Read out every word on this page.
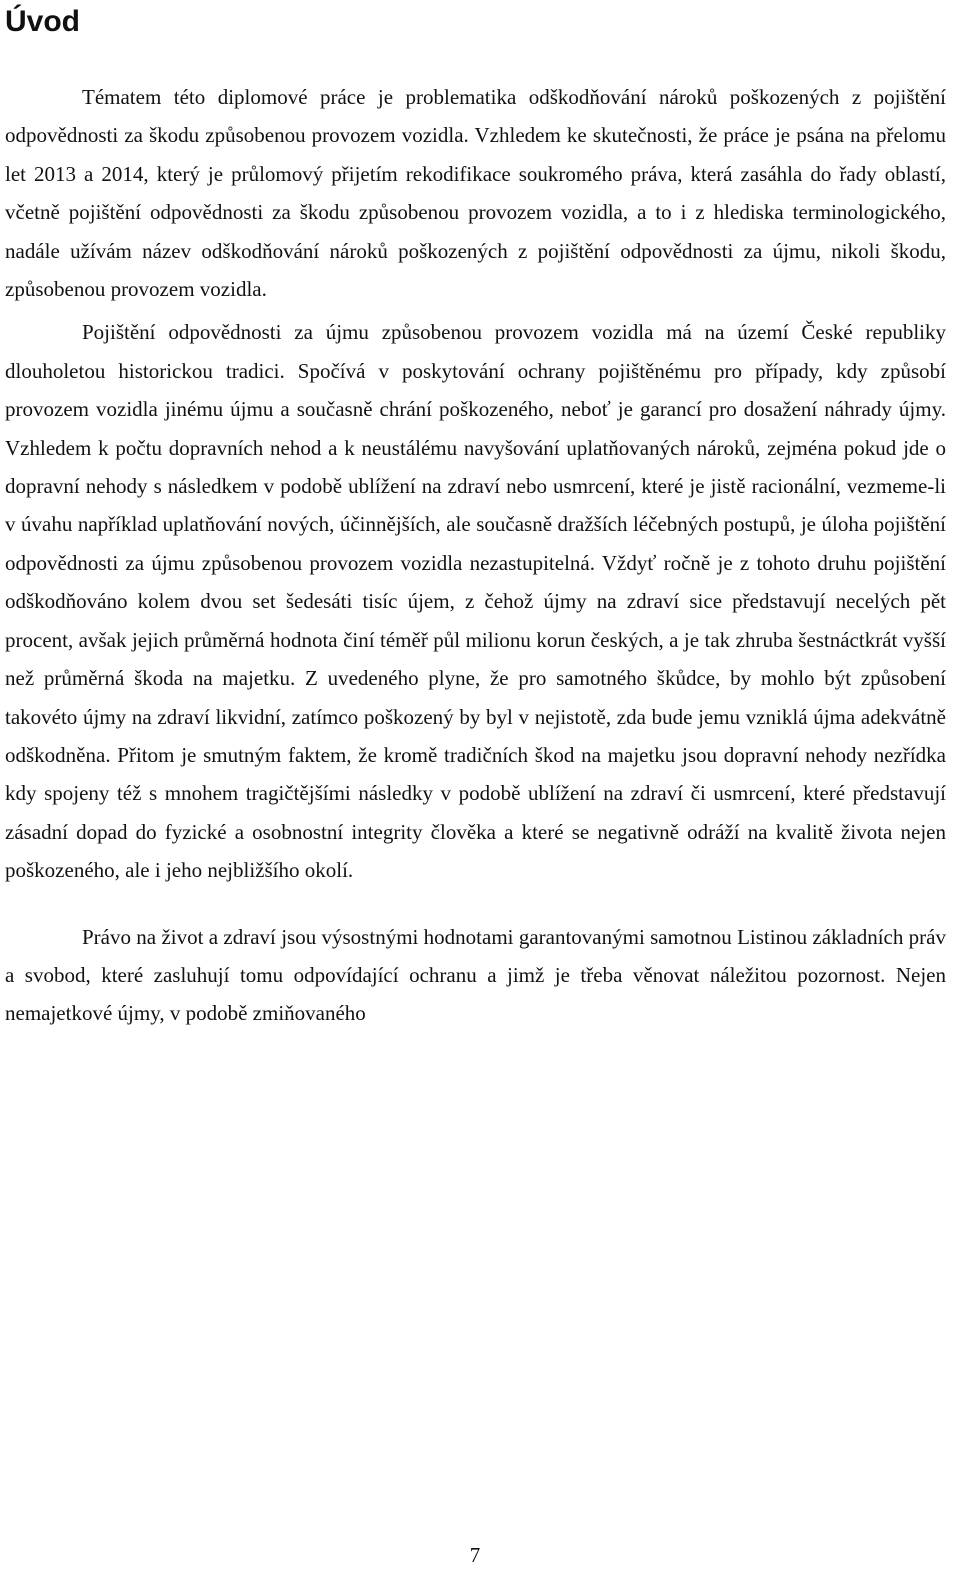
Úvod

Tématem této diplomové práce je problematika odškodňování nároků poškozených z pojištění odpovědnosti za škodu způsobenou provozem vozidla. Vzhledem ke skutečnosti, že práce je psána na přelomu let 2013 a 2014, který je průlomový přijetím rekodifikace soukromého práva, která zasáhla do řady oblastí, včetně pojištění odpovědnosti za škodu způsobenou provozem vozidla, a to i z hlediska terminologického, nadále užívám název odškodňování nároků poškozených z pojištění odpovědnosti za újmu, nikoli škodu, způsobenou provozem vozidla.

Pojištění odpovědnosti za újmu způsobenou provozem vozidla má na území České republiky dlouholetou historickou tradici. Spočívá v poskytování ochrany pojištěnému pro případy, kdy způsobí provozem vozidla jinému újmu a současně chrání poškozeného, neboť je garancí pro dosažení náhrady újmy. Vzhledem k počtu dopravních nehod a k neustálému navyšování uplatňovaných nároků, zejména pokud jde o dopravní nehody s následkem v podobě ublížení na zdraví nebo usmrcení, které je jistě racionální, vezmeme-li v úvahu například uplatňování nových, účinnějších, ale současně dražších léčebných postupů, je úloha pojištění odpovědnosti za újmu způsobenou provozem vozidla nezastupitelná. Vždyť ročně je z tohoto druhu pojištění odškodňováno kolem dvou set šedesáti tisíc újem, z čehož újmy na zdraví sice představují necelých pět procent, avšak jejich průměrná hodnota činí téměř půl milionu korun českých, a je tak zhruba šestnáctkrát vyšší než průměrná škoda na majetku. Z uvedeného plyne, že pro samotného škůdce, by mohlo být způsobení takovéto újmy na zdraví likvidní, zatímco poškozený by byl v nejistotě, zda bude jemu vzniklá újma adekvátně odškodněna. Přitom je smutným faktem, že kromě tradičních škod na majetku jsou dopravní nehody nezřídka kdy spojeny též s mnohem tragičtějšími následky v podobě ublížení na zdraví či usmrcení, které představují zásadní dopad do fyzické a osobnostní integrity člověka a které se negativně odráží na kvalitě života nejen poškozeného, ale i jeho nejbližšího okolí.

Právo na život a zdraví jsou výsostnými hodnotami garantovanými samotnou Listinou základních práv a svobod, které zasluhují tomu odpovídající ochranu a jimž je třeba věnovat náležitou pozornost. Nejen nemajetkové újmy, v podobě zmiňovaného

7
